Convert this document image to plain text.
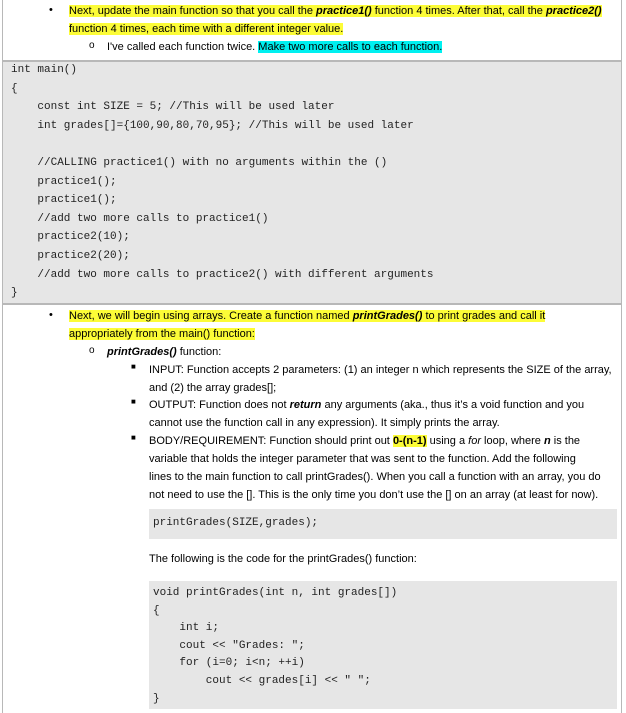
• Next, update the main function so that you call the practice1() function 4 times. After that, call the practice2()
function 4 times, each time with a different integer value.
o I've called each function twice. Make two more calls to each function.
int main()
{
const int SIZE = 5; //This will be used later
int grades[]={100,90,80,70,95}; //This will be used later
//CALLING practice1() with no arguments within the ()
practice1();
practice1();
//add two more calls to practice1()
practice2(10);
practice2(20);
//add two more calls to practice2() with different arguments
}
• Next, we will begin using arrays. Create a function named printGrades() to print grades and call it
appropriately from the main() function:
o printGrades() function:
■ INPUT: Function accepts 2 parameters: (1) an integer n which represents the SIZE of the array,
and (2) the array grades[];
■ OUTPUT: Function does not return any arguments (aka., thus it’s a void function and you
cannot use the function call in any expression). It simply prints the array.
■ BODY/REQUIREMENT: Function should print out 0-(n-1) using a for loop, where n is the
variable that holds the integer parameter that was sent to the function. Add the following
lines to the main function to call printGrades(). When you call a function with an array, you do
not need to use the []. This is the only time you don’t use the [] on an array (at least for now).
printGrades(SIZE,grades);
The following is the code for the printGrades() function:
void printGrades(int n, int grades[])
{
int i;
cout << "Grades: ";
for (i=0; i<n; ++i)
cout << grades[i] << " ";
}
